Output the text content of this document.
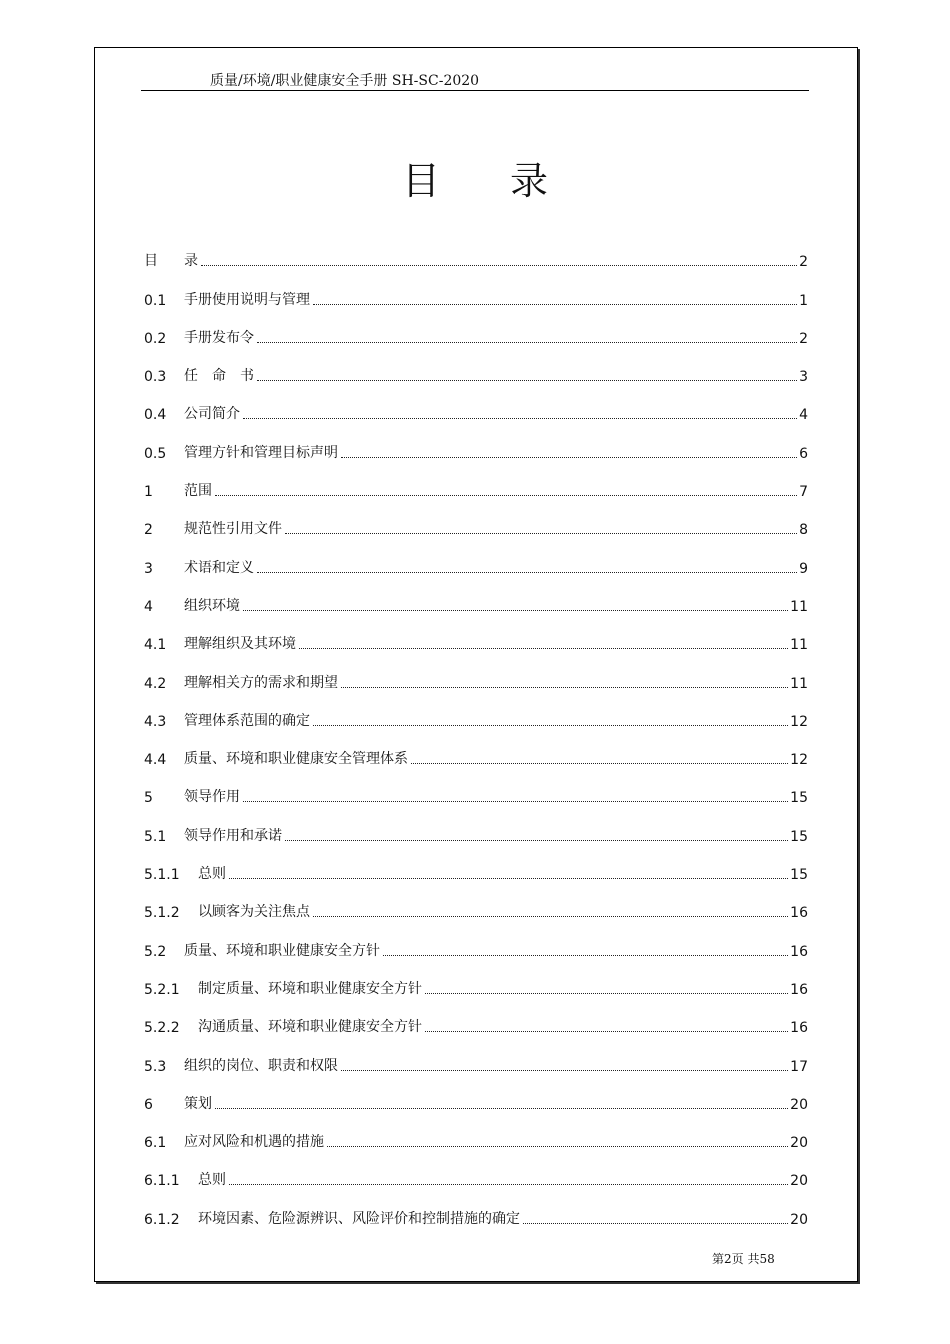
质量/环境/职业健康安全手册 SH-SC-2020
目录
目	录	2
0.1	手册使用说明与管理	1
0.2	手册发布令	2
0.3	任　命　书	3
0.4	公司简介	4
0.5	管理方针和管理目标声明	6
1	范围	7
2	规范性引用文件	8
3	术语和定义	9
4	组织环境	11
4.1	理解组织及其环境	11
4.2	理解相关方的需求和期望	11
4.3	管理体系范围的确定	12
4.4	质量、环境和职业健康安全管理体系	12
5	领导作用	15
5.1	领导作用和承诺	15
5.1.1	总则	15
5.1.2	以顾客为关注焦点	16
5.2	质量、环境和职业健康安全方针	16
5.2.1	制定质量、环境和职业健康安全方针	16
5.2.2	沟通质量、环境和职业健康安全方针	16
5.3	组织的岗位、职责和权限	17
6	策划	20
6.1	应对风险和机遇的措施	20
6.1.1	总则	20
6.1.2	环境因素、危险源辨识、风险评价和控制措施的确定	20
第2页 共58
